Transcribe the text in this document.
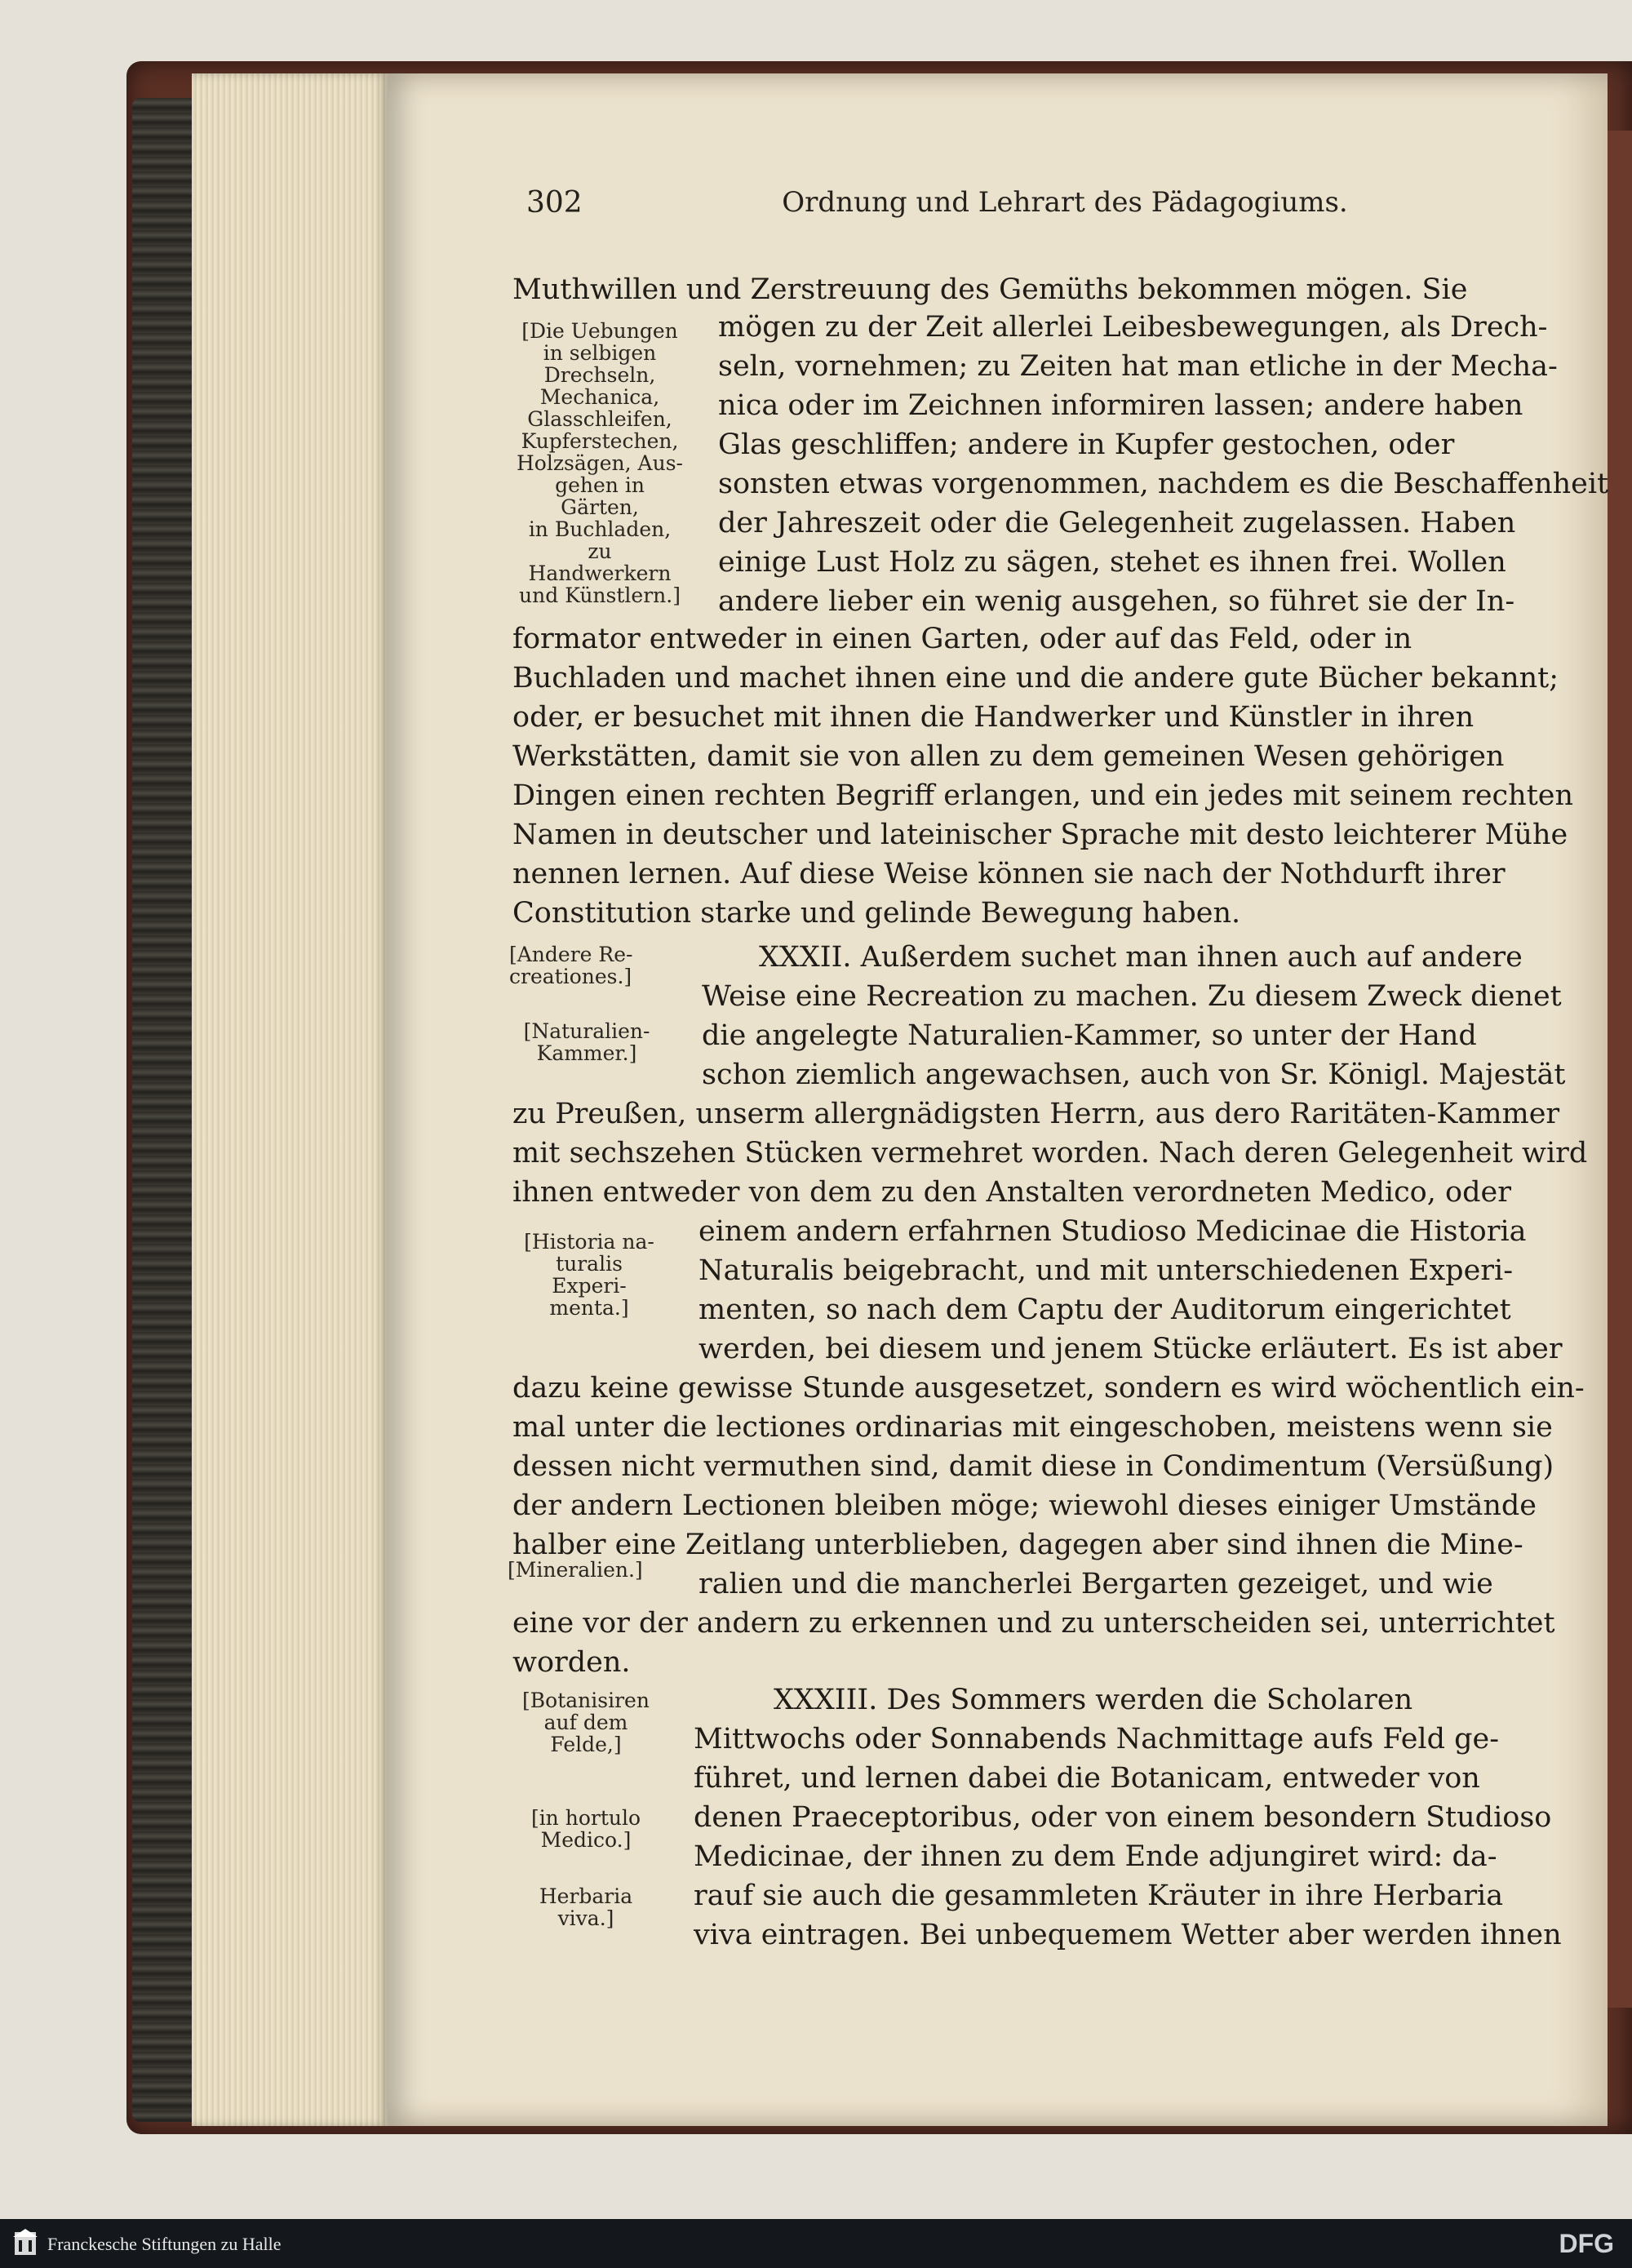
302	Ordnung und Lehrart des Pädagogiums.
Muthwillen und Zerstreuung des Gemüths bekommen mögen. Sie
mögen zu der Zeit allerlei Leibesbewegungen, als Drech-
seln, vornehmen; zu Zeiten hat man etliche in der Mecha-
nica oder im Zeichnen informiren lassen; andere haben
Glas geschliffen; andere in Kupfer gestochen, oder
sonsten etwas vorgenommen, nachdem es die Beschaffenheit
der Jahreszeit oder die Gelegenheit zugelassen. Haben
einige Lust Holz zu sägen, stehet es ihnen frei. Wollen
andere lieber ein wenig ausgehen, so führet sie der In-
formator entweder in einen Garten, oder auf das Feld, oder in
Buchladen und machet ihnen eine und die andere gute Bücher bekannt;
oder, er besuchet mit ihnen die Handwerker und Künstler in ihren
Werkstätten, damit sie von allen zu dem gemeinen Wesen gehörigen
Dingen einen rechten Begriff erlangen, und ein jedes mit seinem rechten
Namen in deutscher und lateinischer Sprache mit desto leichterer Mühe
nennen lernen. Auf diese Weise können sie nach der Nothdurft ihrer
Constitution starke und gelinde Bewegung haben.
XXXII. Außerdem suchet man ihnen auch auf andere
Weise eine Recreation zu machen. Zu diesem Zweck dienet
die angelegte Naturalien-Kammer, so unter der Hand
schon ziemlich angewachsen, auch von Sr. Königl. Majestät
zu Preußen, unserm allergnädigsten Herrn, aus dero Raritäten-Kammer
mit sechszehen Stücken vermehret worden. Nach deren Gelegenheit wird
ihnen entweder von dem zu den Anstalten verordneten Medico, oder
einem andern erfahrnen Studioso Medicinae die Historia
Naturalis beigebracht, und mit unterschiedenen Experi-
menten, so nach dem Captu der Auditorum eingerichtet
werden, bei diesem und jenem Stücke erläutert. Es ist aber
dazu keine gewisse Stunde ausgesetzet, sondern es wird wöchentlich ein-
mal unter die lectiones ordinarias mit eingeschoben, meistens wenn sie
dessen nicht vermuthen sind, damit diese in Condimentum (Versüßung)
der andern Lectionen bleiben möge; wiewohl dieses einiger Umstände
halber eine Zeitlang unterblieben, dagegen aber sind ihnen die Mine-
ralien und die mancherlei Bergarten gezeiget, und wie
eine vor der andern zu erkennen und zu unterscheiden sei, unterrichtet
worden.
XXXIII. Des Sommers werden die Scholaren
Mittwochs oder Sonnabends Nachmittage aufs Feld ge-
führet, und lernen dabei die Botanicam, entweder von
denen Praeceptoribus, oder von einem besondern Studioso
Medicinae, der ihnen zu dem Ende adjungiret wird: da-
rauf sie auch die gesammleten Kräuter in ihre Herbaria
viva eintragen. Bei unbequemem Wetter aber werden ihnen
[Die Uebungen
in selbigen
Drechseln,
Mechanica,
Glasschleifen,
Kupferstechen,
Holzsägen, Aus-
gehen in Gärten,
in Buchladen, zu
Handwerkern
und Künstlern.]
[Andere Re-
creationes.]
[Naturalien-
Kammer.]
[Historia na-
turalis
Experi-
menta.]
[Mineralien.]
[Botanisiren
auf dem
Felde,]
[in hortulo
Medico.]
Herbaria
viva.]
Franckesche Stiftungen zu Halle	DFG
